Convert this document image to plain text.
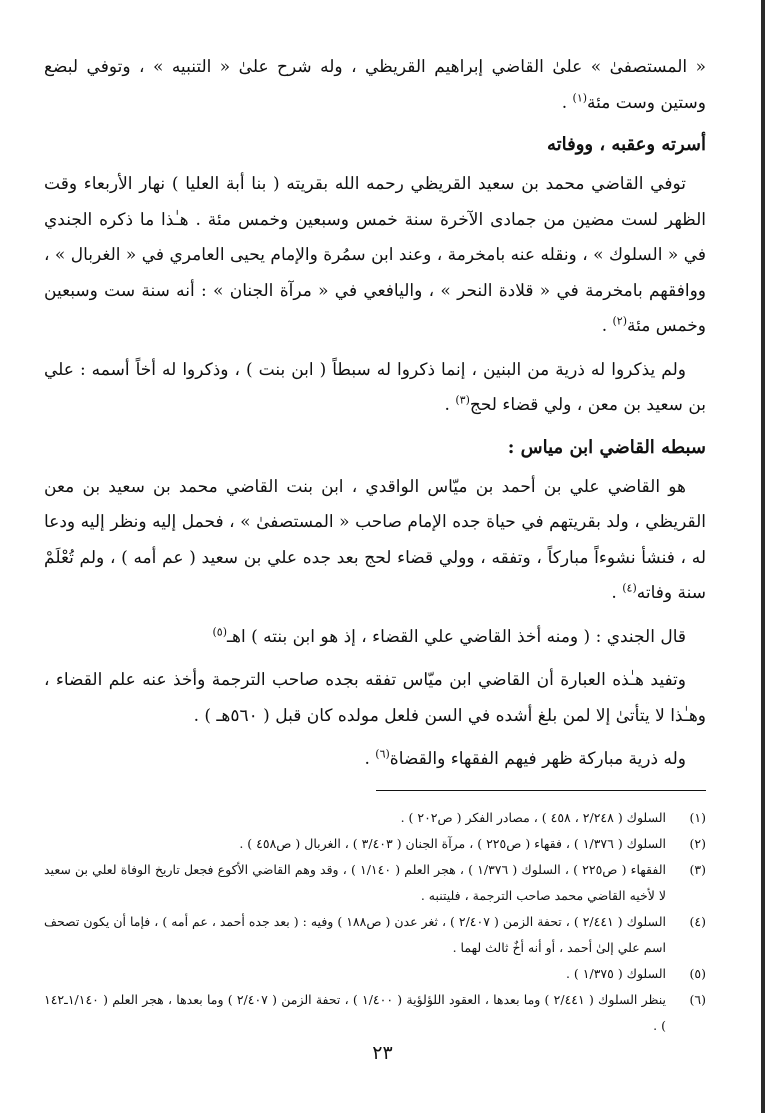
« المستصفىٰ » علىٰ القاضي إبراهيم القريظي ، وله شرح علىٰ « التنبيه » ، وتوفي لبضع وستين وست مئة$^{(١)}$ .

أسرته وعقبه ، ووفاته

توفي القاضي محمد بن سعيد القريظي رحمه الله بقريته ( بنا أبة العليا ) نهار الأربعاء وقت الظهر لست مضين من جمادى الآخرة سنة خمس وسبعين وخمس مئة . هـٰذا ما ذكره الجندي في « السلوك » ، ونقله عنه بامخرمة ، وعند ابن سمُرة والإمام يحيى العامري في « الغربال » ، ووافقهم بامخرمة في « قلادة النحر » ، واليافعي في « مرآة الجنان » : أنه سنة ست وسبعين وخمس مئة$^{(٢)}$ .

ولم يذكروا له ذرية من البنين ، إنما ذكروا له سبطاً ( ابن بنت ) ، وذكروا له أخاً أسمه : علي بن سعيد بن معن ، ولي قضاء لحج$^{(٣)}$ .

سبطه القاضي ابن مياس :

هو القاضي علي بن أحمد بن ميّاس الواقدي ، ابن بنت القاضي محمد بن سعيد بن معن القريظي ، ولد بقريتهم في حياة جده الإمام صاحب « المستصفىٰ » ، فحمل إليه ونظر إليه ودعا له ، فنشأ نشوءاً مباركاً ، وتفقه ، وولي قضاء لحج بعد جده علي بن سعيد ( عم أمه ) ، ولم تُعْلَمْ سنة وفاته$^{(٤)}$ .

قال الجندي : ( ومنه أخذ القاضي علي القضاء ، إذ هو ابن بنته ) اهـ$^{(٥)}$

وتفيد هـٰذه العبارة أن القاضي ابن ميّاس تفقه بجده صاحب الترجمة وأخذ عنه علم القضاء ، وهـٰذا لا يتأتىٰ إلا لمن بلغ أشده في السن فلعل مولده كان قبل ( ٥٦٠هـ ) .

وله ذرية مباركة ظهر فيهم الفقهاء والقضاة$^{(٦)}$ .

(١)
السلوك ( ٢/٢٤٨ ، ٤٥٨ ) ، مصادر الفكر ( ص٢٠٢ ) .
(٢)
السلوك ( ١/٣٧٦ ) ، فقهاء ( ص٢٢٥ ) ، مرآة الجنان ( ٣/٤٠٣ ) ، الغربال ( ص٤٥٨ ) .
(٣)
الفقهاء ( ص٢٢٥ ) ، السلوك ( ١/٣٧٦ ) ، هجر العلم ( ١/١٤٠ ) ، وقد وهم القاضي الأكوع فجعل تاريخ الوفاة لعلي بن سعيد لا لأخيه القاضي محمد صاحب الترجمة ، فليتنبه .
(٤)
السلوك ( ٢/٤٤١ ) ، تحفة الزمن ( ٢/٤٠٧ ) ، ثغر عدن ( ص١٨٨ ) وفيه : ( بعد جده أحمد ، عم أمه ) ، فإما أن يكون تصحف اسم علي إلىٰ أحمد ، أو أنه أخٌ ثالث لهما .
(٥)
السلوك ( ١/٣٧٥ ) .
(٦)
ينظر السلوك ( ٢/٤٤١ ) وما بعدها ، العقود اللؤلؤية ( ١/٤٠٠ ) ، تحفة الزمن ( ٢/٤٠٧ ) وما بعدها ، هجر العلم ( ١/١٤٠ـ١٤٢ ) .
٢٣
